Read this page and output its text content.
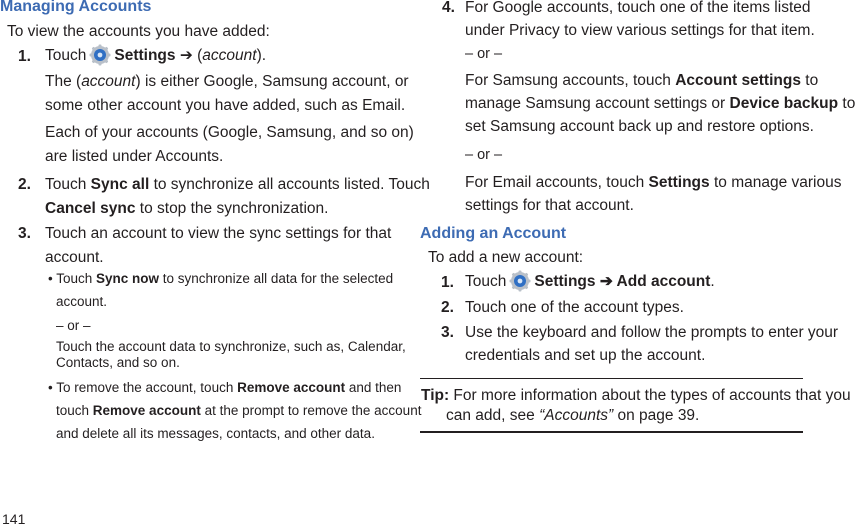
Managing Accounts
To view the accounts you have added:
1. Touch Settings ➔ (account).
The (account) is either Google, Samsung account, or
some other account you have added, such as Email.
Each of your accounts (Google, Samsung, and so on)
are listed under Accounts.
2. Touch Sync all to synchronize all accounts listed. Touch
Cancel sync to stop the synchronization.
3. Touch an account to view the sync settings for that
account.
• Touch Sync now to synchronize all data for the selected
account.
– or –
Touch the account data to synchronize, such as, Calendar,
Contacts, and so on.
• To remove the account, touch Remove account and then
touch Remove account at the prompt to remove the account
and delete all its messages, contacts, and other data.
4. For Google accounts, touch one of the items listed
under Privacy to view various settings for that item.
– or –
For Samsung accounts, touch Account settings to
manage Samsung account settings or Device backup to
set Samsung account back up and restore options.
– or –
For Email accounts, touch Settings to manage various
settings for that account.
Adding an Account
To add a new account:
1. Touch Settings ➔ Add account.
2. Touch one of the account types.
3. Use the keyboard and follow the prompts to enter your
credentials and set up the account.
Tip: For more information about the types of accounts that you
can add, see “Accounts” on page 39.
141
